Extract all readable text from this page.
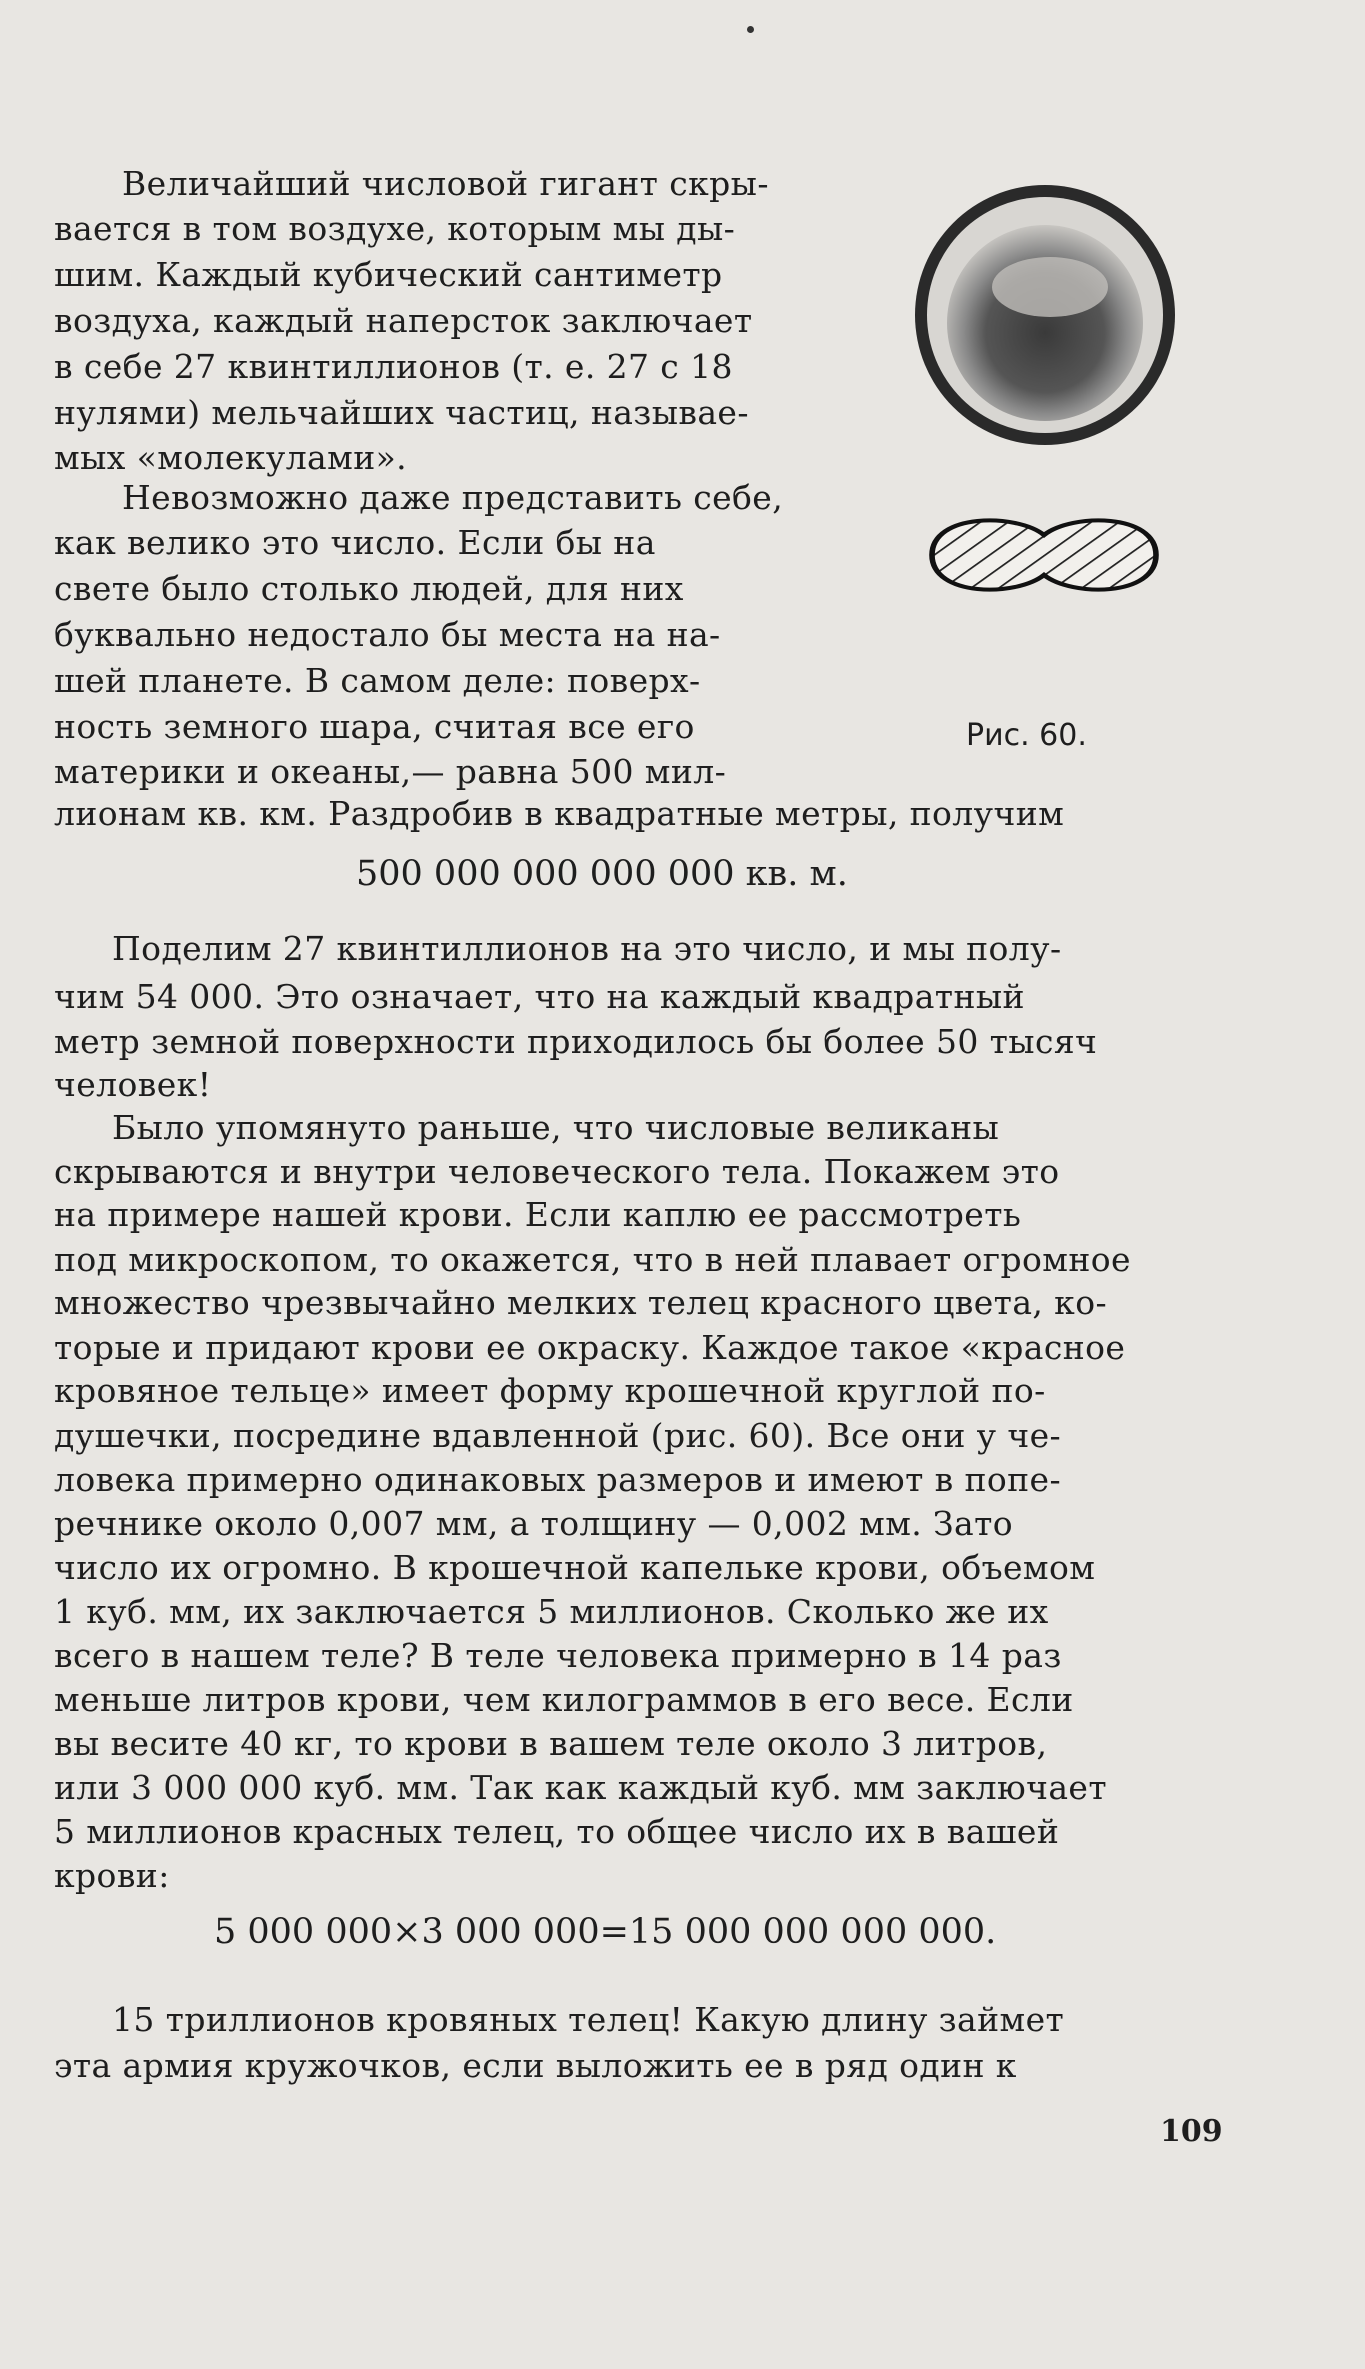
Величайший числовой гигант скры-
вается в том воздухе, которым мы ды-
шим. Каждый кубический сантиметр
воздуха, каждый наперсток заключает
в себе 27 квинтиллионов (т. е. 27 с 18
нулями) мельчайших частиц, называе-
мых «молекулами».
Невозможно даже представить себе,
как велико это число. Если бы на
свете было столько людей, для них
буквально недостало бы места на на-
шей планете. В самом деле: поверх-
ность земного шара, считая все его
материки и океаны,— равна 500 мил-
лионам кв. км. Раздробив в квадратные метры, получим
500 000 000 000 000 кв. м.
Поделим 27 квинтиллионов на это число, и мы полу-
чим 54 000. Это означает, что на каждый квадратный
метр земной поверхности приходилось бы более 50 тысяч
человек!
Было упомянуто раньше, что числовые великаны
скрываются и внутри человеческого тела. Покажем это
на примере нашей крови. Если каплю ее рассмотреть
под микроскопом, то окажется, что в ней плавает огромное
множество чрезвычайно мелких телец красного цвета, ко-
торые и придают крови ее окраску. Каждое такое «красное
кровяное тельце» имеет форму крошечной круглой по-
душечки, посредине вдавленной (рис. 60). Все они у че-
ловека примерно одинаковых размеров и имеют в попе-
речнике около 0,007 мм, а толщину — 0,002 мм. Зато
число их огромно. В крошечной капельке крови, объемом
1 куб. мм, их заключается 5 миллионов. Сколько же их
всего в нашем теле? В теле человека примерно в 14 раз
меньше литров крови, чем килограммов в его весе. Если
вы весите 40 кг, то крови в вашем теле около 3 литров,
или 3 000 000 куб. мм. Так как каждый куб. мм заключает
5 миллионов красных телец, то общее число их в вашей
крови:
5 000 000×3 000 000=15 000 000 000 000.
15 триллионов кровяных телец! Какую длину займет
эта армия кружочков, если выложить ее в ряд один к
Рис. 60.
109
